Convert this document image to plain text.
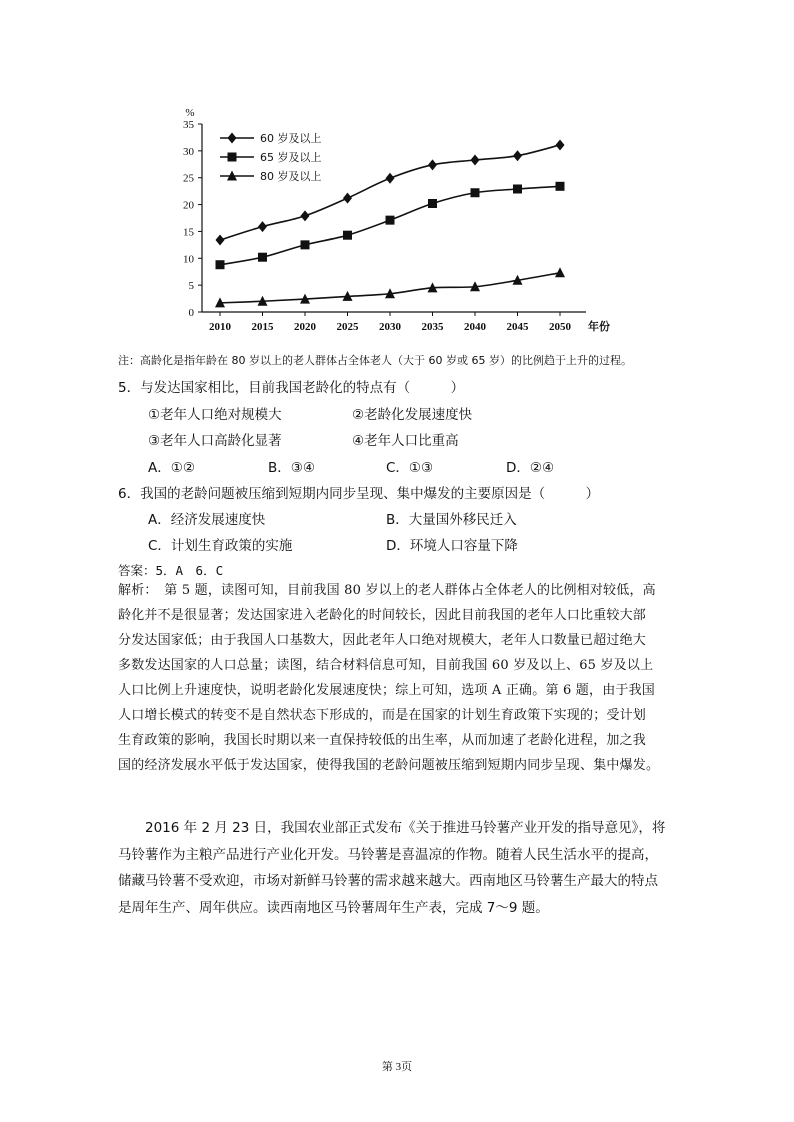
0
5
10
15
20
25
30
35
%
2010 2015 2020 2025 2030 2035 2040 2045 2050 年份
60 岁及以上
65 岁及以上
80 岁及以上
注：高龄化是指年龄在 80 岁以上的老人群体占全体老人（大于 60 岁或 65 岁）的比例趋于上升的过程。
5．与发达国家相比，目前我国老龄化的特点有（　　　）
①老年人口绝对规模大	②老龄化发展速度快
③老年人口高龄化显著	④老年人口比重高
A．①②	B．③④	C．①③	D．②④
6．我国的老龄问题被压缩到短期内同步呈现、集中爆发的主要原因是（　　　）
A．经济发展速度快	B．大量国外移民迁入
C．计划生育政策的实施	D．环境人口容量下降
答案：5．A　6．C
解析：　第 5 题，读图可知，目前我国 80 岁以上的老人群体占全体老人的比例相对较低，高
龄化并不是很显著；发达国家进入老龄化的时间较长，因此目前我国的老年人口比重较大部
分发达国家低；由于我国人口基数大，因此老年人口绝对规模大，老年人口数量已超过绝大
多数发达国家的人口总量；读图，结合材料信息可知，目前我国 60 岁及以上、65 岁及以上
人口比例上升速度快，说明老龄化发展速度快；综上可知，选项 A 正确。第 6 题，由于我国
人口增长模式的转变不是自然状态下形成的，而是在国家的计划生育政策下实现的；受计划
生育政策的影响，我国长时期以来一直保持较低的出生率，从而加速了老龄化进程，加之我
国的经济发展水平低于发达国家，使得我国的老龄问题被压缩到短期内同步呈现、集中爆发。
　　2016 年 2 月 23 日，我国农业部正式发布《关于推进马铃薯产业开发的指导意见》，将
马铃薯作为主粮产品进行产业化开发。马铃薯是喜温凉的作物。随着人民生活水平的提高，
储藏马铃薯不受欢迎，市场对新鲜马铃薯的需求越来越大。西南地区马铃薯生产最大的特点
是周年生产、周年供应。读西南地区马铃薯周年生产表，完成 7～9 题。
第 3页
